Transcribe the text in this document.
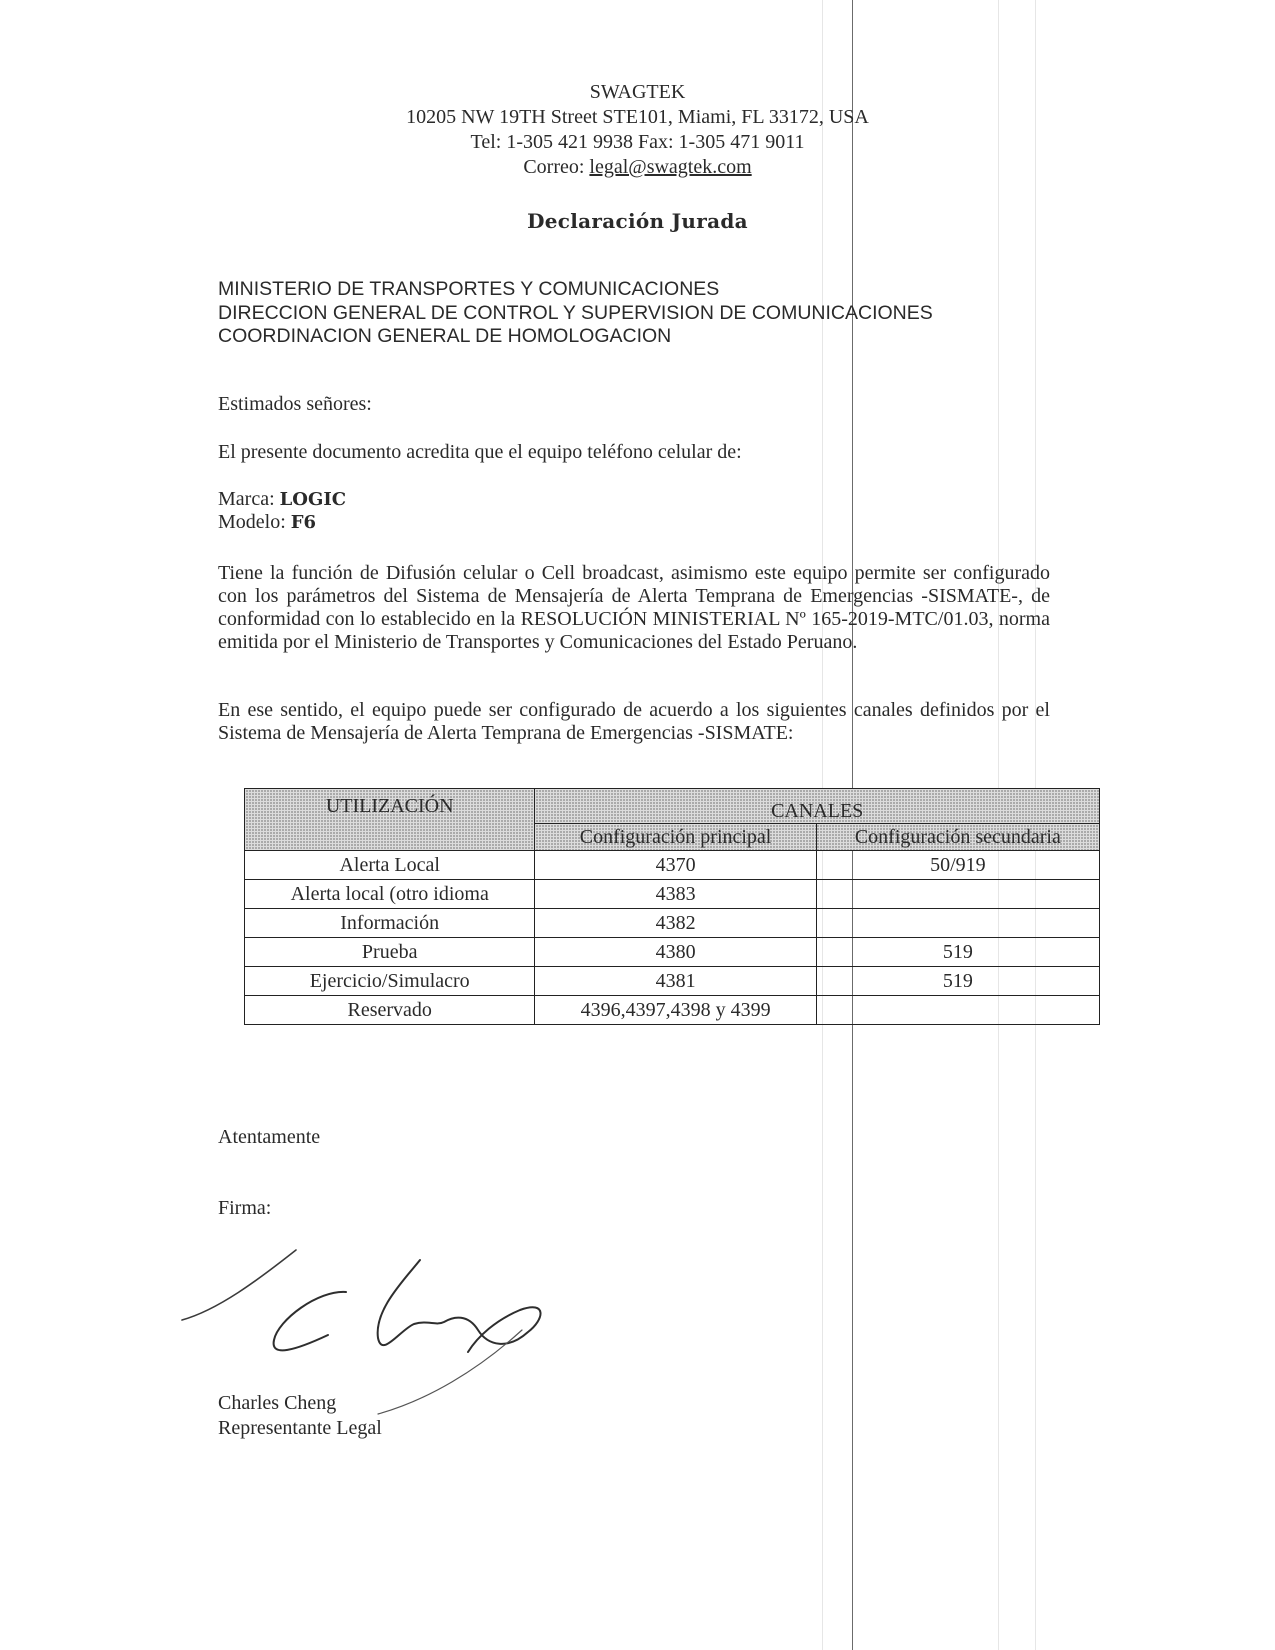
SWAGTEK
10205 NW 19TH Street STE101, Miami, FL 33172, USA
Tel: 1-305 421 9938 Fax: 1-305 471 9011
Correo: legal@swagtek.com
Declaración Jurada
MINISTERIO DE TRANSPORTES Y COMUNICACIONES
DIRECCION GENERAL DE CONTROL Y SUPERVISION DE COMUNICACIONES
COORDINACION GENERAL DE HOMOLOGACION
Estimados señores:
El presente documento acredita que el equipo teléfono celular de:
Marca: LOGIC
Modelo: F6
Tiene la función de Difusión celular o Cell broadcast, asimismo este equipo permite ser configurado con los parámetros del Sistema de Mensajería de Alerta Temprana de Emergencias -SISMATE-, de conformidad con lo establecido en la RESOLUCIÓN MINISTERIAL Nº 165-2019-MTC/01.03, norma emitida por el Ministerio de Transportes y Comunicaciones del Estado Peruano.
En ese sentido, el equipo puede ser configurado de acuerdo a los siguientes canales definidos por el Sistema de Mensajería de Alerta Temprana de Emergencias -SISMATE:
UTILIZACIÓN	CANALES	
	Configuración principal	Configuración secundaria
Alerta Local	4370	50/919
Alerta local (otro idioma	4383	
Información	4382	
Prueba	4380	519
Ejercicio/Simulacro	4381	519
Reservado	4396,4397,4398 y 4399	
Atentamente
Firma:
Charles Cheng
Representante Legal
